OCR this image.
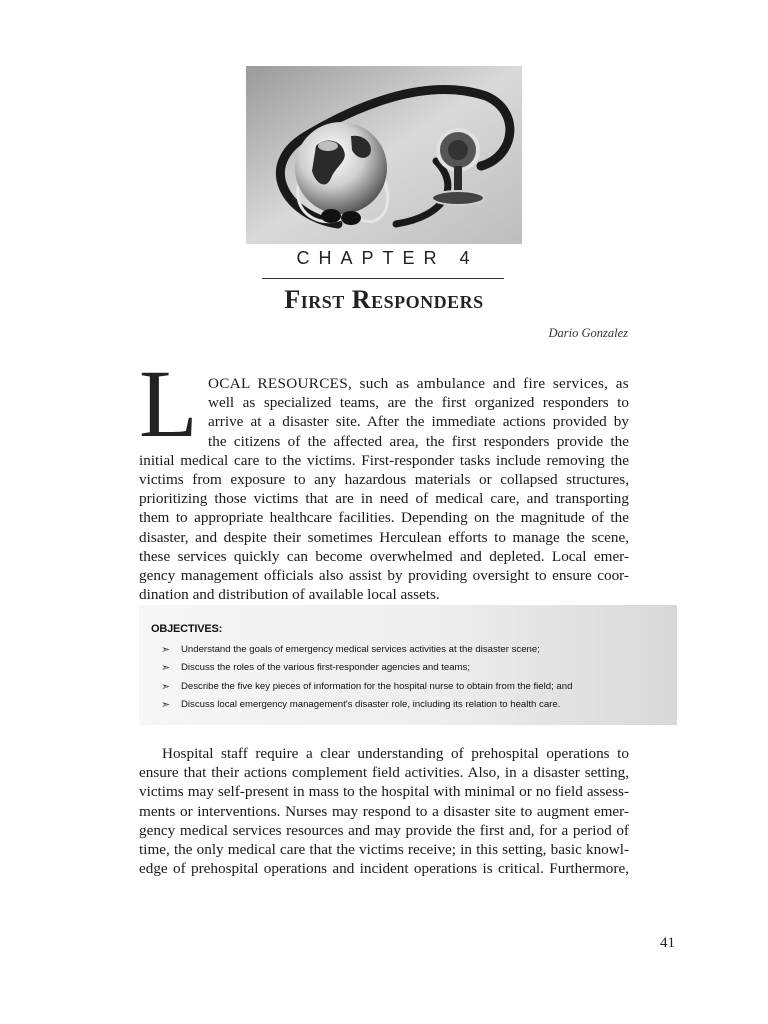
CHAPTER 4
First Responders
Dario Gonzalez
L OCAL RESOURCES, such as ambulance and fire services, as
well as specialized teams, are the first organized responders to
arrive at a disaster site. After the immediate actions provided by
the citizens of the affected area, the first responders provide the
initial medical care to the victims. First-responder tasks include removing the
victims from exposure to any hazardous materials or collapsed structures,
prioritizing those victims that are in need of medical care, and transporting
them to appropriate healthcare facilities. Depending on the magnitude of the
disaster, and despite their sometimes Herculean efforts to manage the scene,
these services quickly can become overwhelmed and depleted. Local emer-
gency management officials also assist by providing oversight to ensure coor-
dination and distribution of available local assets.
OBJECTIVES:
➣	Understand the goals of emergency medical services activities at the disaster scene;
➣	Discuss the roles of the various first-responder agencies and teams;
➣	Describe the five key pieces of information for the hospital nurse to obtain from the field; and
➣	Discuss local emergency management's disaster role, including its relation to health care.
Hospital staff require a clear understanding of prehospital operations to
ensure that their actions complement field activities. Also, in a disaster setting,
victims may self-present in mass to the hospital with minimal or no field assess-
ments or interventions. Nurses may respond to a disaster site to augment emer-
gency medical services resources and may provide the first and, for a period of
time, the only medical care that the victims receive; in this setting, basic knowl-
edge of prehospital operations and incident operations is critical. Furthermore,
41
